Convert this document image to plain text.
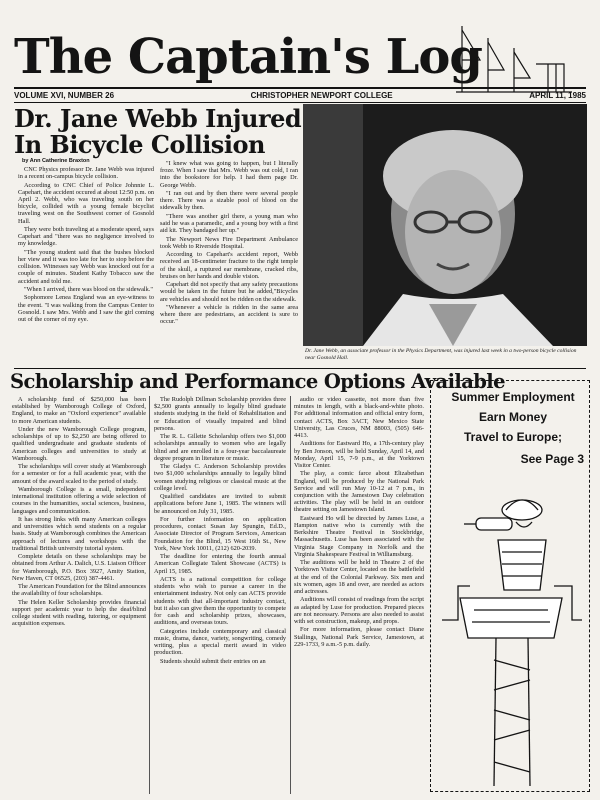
The Captain's Log
VOLUME XVI, NUMBER 26	CHRISTOPHER NEWPORT COLLEGE	APRIL 11, 1985
Dr. Jane Webb Injured
In Bicycle Collision
by Ann Catherine Braxton

CNC Physics professor Dr. Jane Webb was injured in a recent on-campus bicycle collision.

According to CNC Chief of Police Johnnie L. Capehart, the accident occured at about 12:50 p.m. on April 2. Webb, who was traveling south on her bicycle, collided with a young female bicyclist traveling west on the Southwest corner of Gosnold Hall.

They were both traveling at a moderate speed, says Capehart and "there was no negligence involved to my knowledge.

"The young student said that the bushes blocked her view and it was too late for her to stop before the collision. Witnesses say Webb was knocked out for a couple of minutes. Student Kathy Tobacco saw the accident and told me.

"When I arrived, there was blood on the sidewalk."

Sophomore Lenea England was an eye-witness to the event. "I was walking from the Campus Center to Gosnold. I saw Mrs. Webb and I saw the girl coming out of the corner of my eye.

"I knew what was going to happen, but I literally froze. When I saw that Mrs. Webb was out cold, I ran into the bookstore for help. I had them page Dr. George Webb.

"I ran out and by then there were several people there. There was a sizable pool of blood on the sidewalk by then.

"There was another girl there, a young man who said he was a paramedic, and a young boy with a first aid kit. They bandaged her up."

The Newport News Fire Department Ambulance took Webb to Riverside Hospital.

According to Capehart's accident report, Webb received an 18-centimeter fracture to the right temple of the skull, a ruptured ear membrane, cracked ribs, bruises on her hands and double vision.

Capehart did not specify that any safety precautions would be taken in the future but he added,"Bicycles are vehicles and should not be ridden on the sidewalk.

"Whenever a vehicle is ridden in the same area where there are pedestrians, an accident is sure to occur."

Dr. Jane Webb, an associate professor in the Physics Department, was injured last week in a two-person bicycle collision near Gosnold Hall.
Scholarship and Performance Options Available

A scholarship fund of $250,000 has been established by Wamborough College of Oxford, England, to make an "Oxford experience" available to more American students.

Under the new Wamborough College program, scholarships of up to $2,250 are being offered to qualified undergraduate and graduate students of American colleges and universities to study at Wamborough.

The scholarships will cover study at Wamborough for a semester or for a full academic year, with the amount of the award scaled to the period of study.

Wamborough College is a small, independent international institution offering a wide selection of courses in the humanities, social sciences, business, languages and communication.

It has strong links with many American colleges and universities which send students on a regular basis. Study at Wamborough combines the American approach of lectures and workshops with the traditional British university tutorial system.

Complete details on these scholarships may be obtained from Arthur A. Dalich, U.S. Liaison Officer for Wamborough, P.O. Box 3927, Amity Station, New Haven, CT 06525, (203) 387-4461.

The American Foundation for the Blind announces the availability of four scholarships.

The Helen Keller Scholarship provides financial support per academic year to help the deaf/blind college student with reading, tutoring, or equipment acquisition expenses.

The Rudolph Dillman Scholarship provides three $2,500 grants annually to legally blind graduate students studying in the field of Rehabilitation and or Education of visually impaired and blind persons.

The R. L. Gillette Scholarship offers two $1,000 scholarships annually to women who are legally blind and are enrolled in a four-year baccalaureate degree program in literature or music.

The Gladys C. Anderson Scholarship provides two $1,000 scholarships annually to legally blind women studying religious or classical music at the college level.

Qualified candidates are invited to submit applications before June 1, 1985. The winners will be announced on July 31, 1985.

For further information on application procedures, contact Susan Jay Spungin, Ed.D., Associate Director of Program Services, American Foundation for the Blind, 15 West 16th St., New York, New York 10011, (212) 620-2039.

The deadline for entering the fourth annual American Collegiate Talent Showcase (ACTS) is April 15, 1985.

ACTS is a national competition for college students who wish to pursue a career in the entertainment industry. Not only can ACTS provide students with that all-important industry contact, but it also can give them the opportunity to compete for cash and scholarship prizes, showcases, auditions, and overseas tours.

Categories include contemporary and classical music, drama, dance, variety, songwriting, comedy writing, plus a special merit award in video production.

Students should submit their entries on an

audio or video cassette, not more than five minutes in length, with a black-and-white photo. For additional information and official entry form, contact ACTS, Box 3ACT, New Mexico State University, Las Cruces, NM 88003, (505) 646-4413.

Auditions for Eastward Ho, a 17th-century play by Ben Jonson, will be held Sunday, April 14, and Monday, April 15, 7-9 p.m., at the Yorktown Visitor Center.

The play, a comic farce about Elizabethan England, will be produced by the National Park Service and will run May 10-12 at 7 p.m., in conjunction with the Jamestown Day celebration activities. The play will be held in an outdoor theatre setting on Jamestown Island.

Eastward Ho will be directed by James Luse, a Hampton native who is currently with the Berkshire Theatre Festival in Stockbridge, Massachusetts. Luse has been associated with the Virginia Stage Company in Norfolk and the Virginia Shakespeare Festival in Williamsburg.

The auditions will be held in Theatre 2 of the Yorktown Visitor Center, located on the battlefield at the end of the Colonial Parkway. Six men and six women, ages 18 and over, are needed as actors and actresses.

Auditions will consist of readings from the script as adapted by Luse for production. Prepared pieces are not necessary. Persons are also needed to assist with set construction, makeup, and props.

For more information, please contact Diane Stallings, National Park Service, Jamestown, at 229-1733, 9 a.m.-5 p.m. daily.

Summer Employment
Earn Money
Travel to Europe;
See Page 3
